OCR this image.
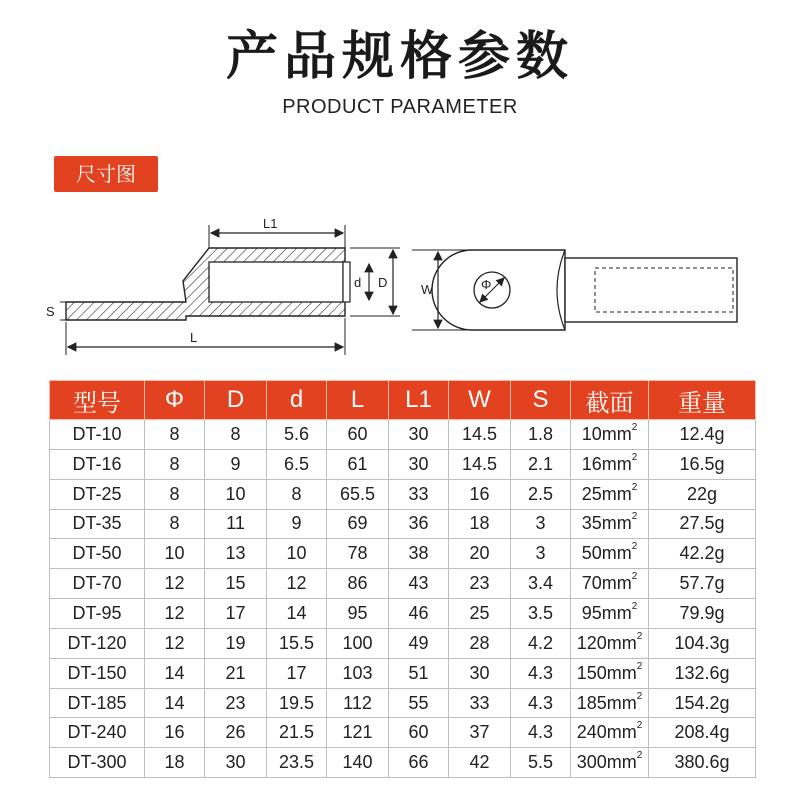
产品规格参数
PRODUCT PARAMETER
尺寸图
L1
L
S
d D	W	Φ
型号	Φ	D	d	L	L1	W	S	截面	重量
DT-10	8	8	5.6	60	30	14.5	1.8	$10mm^2$	12.4g
DT-16	8	9	6.5	61	30	14.5	2.1	$16mm^2$	16.5g
DT-25	8	10	8	65.5	33	16	2.5	$25mm^2$	22g
DT-35	8	11	9	69	36	18	3	$35mm^2$	27.5g
DT-50	10	13	10	78	38	20	3	$50mm^2$	42.2g
DT-70	12	15	12	86	43	23	3.4	$70mm^2$	57.7g
DT-95	12	17	14	95	46	25	3.5	$95mm^2$	79.9g
DT-120	12	19	15.5	100	49	28	4.2	$120mm^2$	104.3g
DT-150	14	21	17	103	51	30	4.3	$150mm^2$	132.6g
DT-185	14	23	19.5	112	55	33	4.3	$185mm^2$	154.2g
DT-240	16	26	21.5	121	60	37	4.3	$240mm^2$	208.4g
DT-300	18	30	23.5	140	66	42	5.5	$300mm^2$	380.6g
